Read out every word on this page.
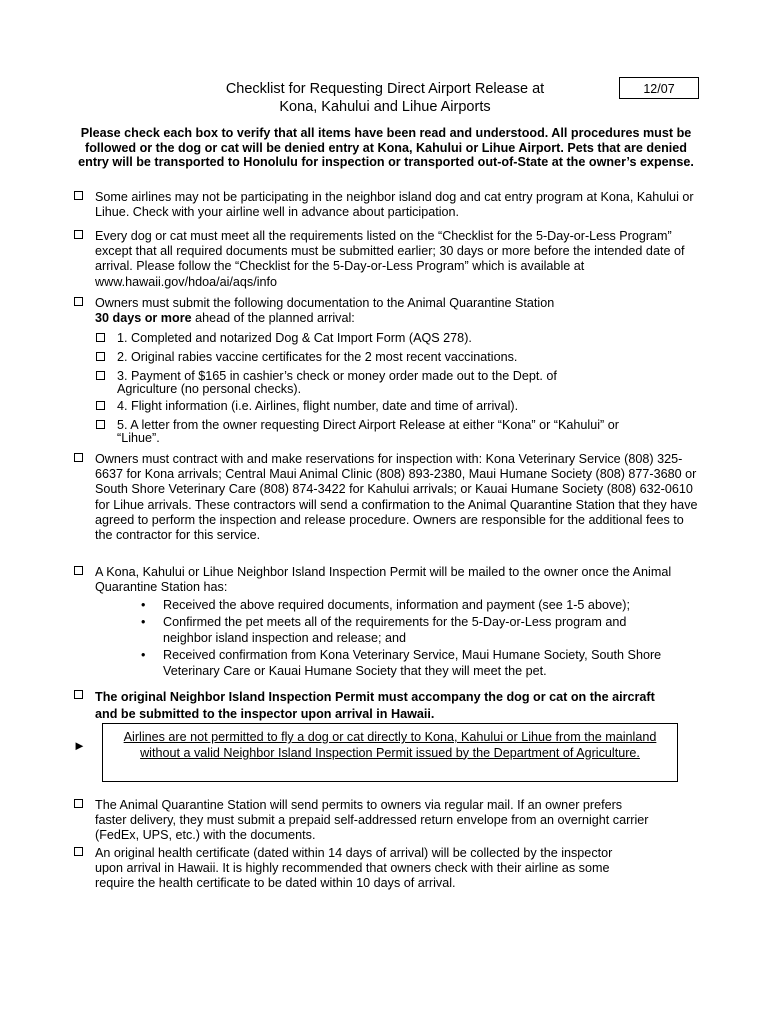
Checklist for Requesting Direct Airport Release at
Kona, Kahului and Lihue Airports
12/07
Please check each box to verify that all items have been read and understood. All procedures must be followed or the dog or cat will be denied entry at Kona, Kahului or Lihue Airport. Pets that are denied entry will be transported to Honolulu for inspection or transported out-of-State at the owner’s expense.
Some airlines may not be participating in the neighbor island dog and cat entry program at Kona, Kahului or Lihue. Check with your airline well in advance about participation.
Every dog or cat must meet all the requirements listed on the “Checklist for the 5-Day-or-Less Program” except that all required documents must be submitted earlier; 30 days or more before the intended date of arrival. Please follow the “Checklist for the 5-Day-or-Less Program” which is available at www.hawaii.gov/hdoa/ai/aqs/info
Owners must submit the following documentation to the Animal Quarantine Station
30 days or more ahead of the planned arrival:
1. Completed and notarized Dog & Cat Import Form (AQS 278).
2. Original rabies vaccine certificates for the 2 most recent vaccinations.
3. Payment of $165 in cashier’s check or money order made out to the Dept. of Agriculture (no personal checks).
4. Flight information (i.e. Airlines, flight number, date and time of arrival).
5. A letter from the owner requesting Direct Airport Release at either “Kona” or “Kahului” or “Lihue”.
Owners must contract with and make reservations for inspection with: Kona Veterinary Service (808) 325-6637 for Kona arrivals; Central Maui Animal Clinic (808) 893-2380, Maui Humane Society (808) 877-3680 or South Shore Veterinary Care (808) 874-3422 for Kahului arrivals; or Kauai Humane Society (808) 632-0610 for Lihue arrivals. These contractors will send a confirmation to the Animal Quarantine Station that they have agreed to perform the inspection and release procedure. Owners are responsible for the additional fees to the contractor for this service.
A Kona, Kahului or Lihue Neighbor Island Inspection Permit will be mailed to the owner once the Animal Quarantine Station has:
• Received the above required documents, information and payment (see 1-5 above);
• Confirmed the pet meets all of the requirements for the 5-Day-or-Less program and neighbor island inspection and release; and
• Received confirmation from Kona Veterinary Service, Maui Humane Society, South Shore Veterinary Care or Kauai Humane Society that they will meet the pet.
The original Neighbor Island Inspection Permit must accompany the dog or cat on the aircraft and be submitted to the inspector upon arrival in Hawaii.
►
Airlines are not permitted to fly a dog or cat directly to Kona, Kahului or Lihue from the mainland without a valid Neighbor Island Inspection Permit issued by the Department of Agriculture.
The Animal Quarantine Station will send permits to owners via regular mail. If an owner prefers faster delivery, they must submit a prepaid self-addressed return envelope from an overnight carrier (FedEx, UPS, etc.) with the documents.
An original health certificate (dated within 14 days of arrival) will be collected by the inspector upon arrival in Hawaii. It is highly recommended that owners check with their airline as some require the health certificate to be dated within 10 days of arrival.
